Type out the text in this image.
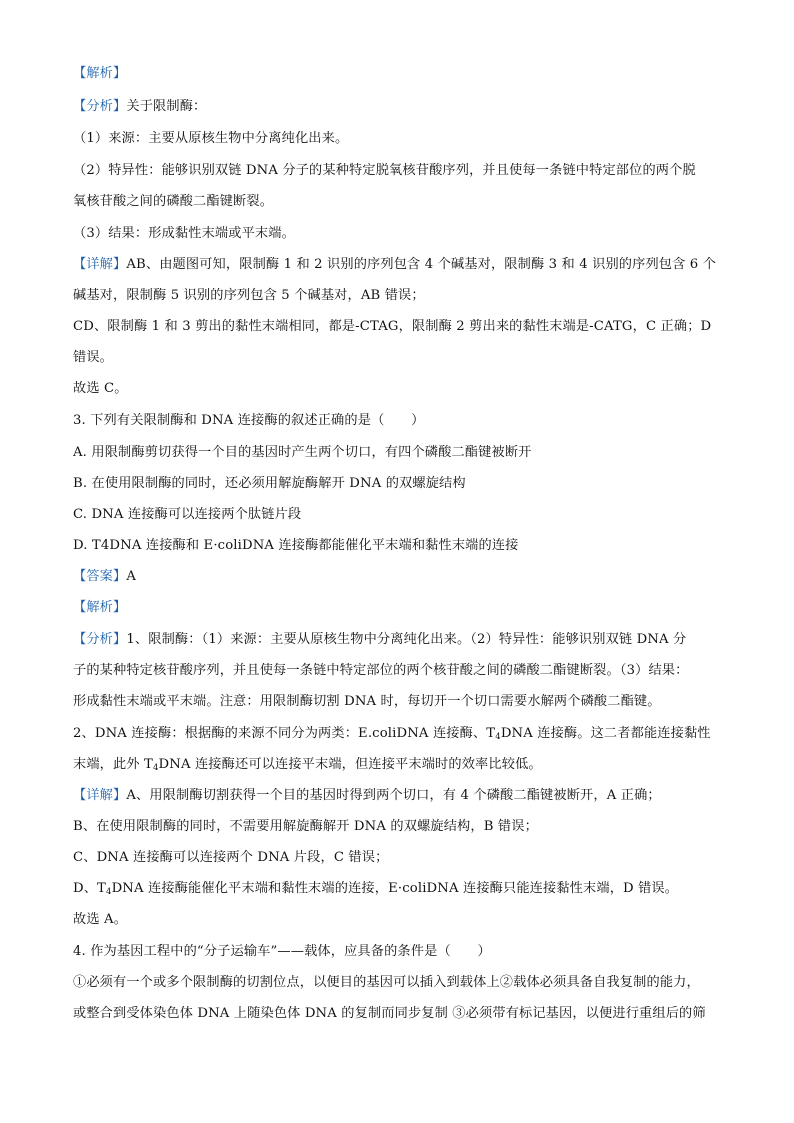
【解析】
【分析】关于限制酶：
（1）来源：主要从原核生物中分离纯化出来。
（2）特异性：能够识别双链 DNA 分子的某种特定脱氧核苷酸序列，并且使每一条链中特定部位的两个脱
氧核苷酸之间的磷酸二酯键断裂。
（3）结果：形成黏性末端或平末端。
【详解】AB、由题图可知，限制酶 1 和 2 识别的序列包含 4 个碱基对，限制酶 3 和 4 识别的序列包含 6 个
碱基对，限制酶 5 识别的序列包含 5 个碱基对，AB 错误；
CD、限制酶 1 和 3 剪出的黏性末端相同，都是-CTAG，限制酶 2 剪出来的黏性末端是-CATG，C 正确；D
错误。
故选 C。
3. 下列有关限制酶和 DNA 连接酶的叙述正确的是（　　）
A. 用限制酶剪切获得一个目的基因时产生两个切口，有四个磷酸二酯键被断开
B. 在使用限制酶的同时，还必须用解旋酶解开 DNA 的双螺旋结构
C. DNA 连接酶可以连接两个肽链片段
D. T4DNA 连接酶和 E·coliDNA 连接酶都能催化平末端和黏性末端的连接
【答案】A
【解析】
【分析】1、限制酶：（1）来源：主要从原核生物中分离纯化出来。（2）特异性：能够识别双链 DNA 分
子的某种特定核苷酸序列，并且使每一条链中特定部位的两个核苷酸之间的磷酸二酯键断裂。（3）结果：
形成黏性末端或平末端。注意：用限制酶切割 DNA 时，每切开一个切口需要水解两个磷酸二酯键。
2、DNA 连接酶：根据酶的来源不同分为两类：E.coliDNA 连接酶、$T_4DNA$ 连接酶。这二者都能连接黏性
末端，此外 $T_4DNA$ 连接酶还可以连接平末端，但连接平末端时的效率比较低。
【详解】A、用限制酶切割获得一个目的基因时得到两个切口，有 4 个磷酸二酯键被断开，A 正确；
B、在使用限制酶的同时，不需要用解旋酶解开 DNA 的双螺旋结构，B 错误；
C、DNA 连接酶可以连接两个 DNA 片段，C 错误；
D、$T_4DNA$ 连接酶能催化平末端和黏性末端的连接，E·coliDNA 连接酶只能连接黏性末端，D 错误。
故选 A。
4. 作为基因工程中的“分子运输车”——载体，应具备的条件是（　　）
①必须有一个或多个限制酶的切割位点，以便目的基因可以插入到载体上②载体必须具备自我复制的能力，
或整合到受体染色体 DNA 上随染色体 DNA 的复制而同步复制 ③必须带有标记基因，以便进行重组后的筛
